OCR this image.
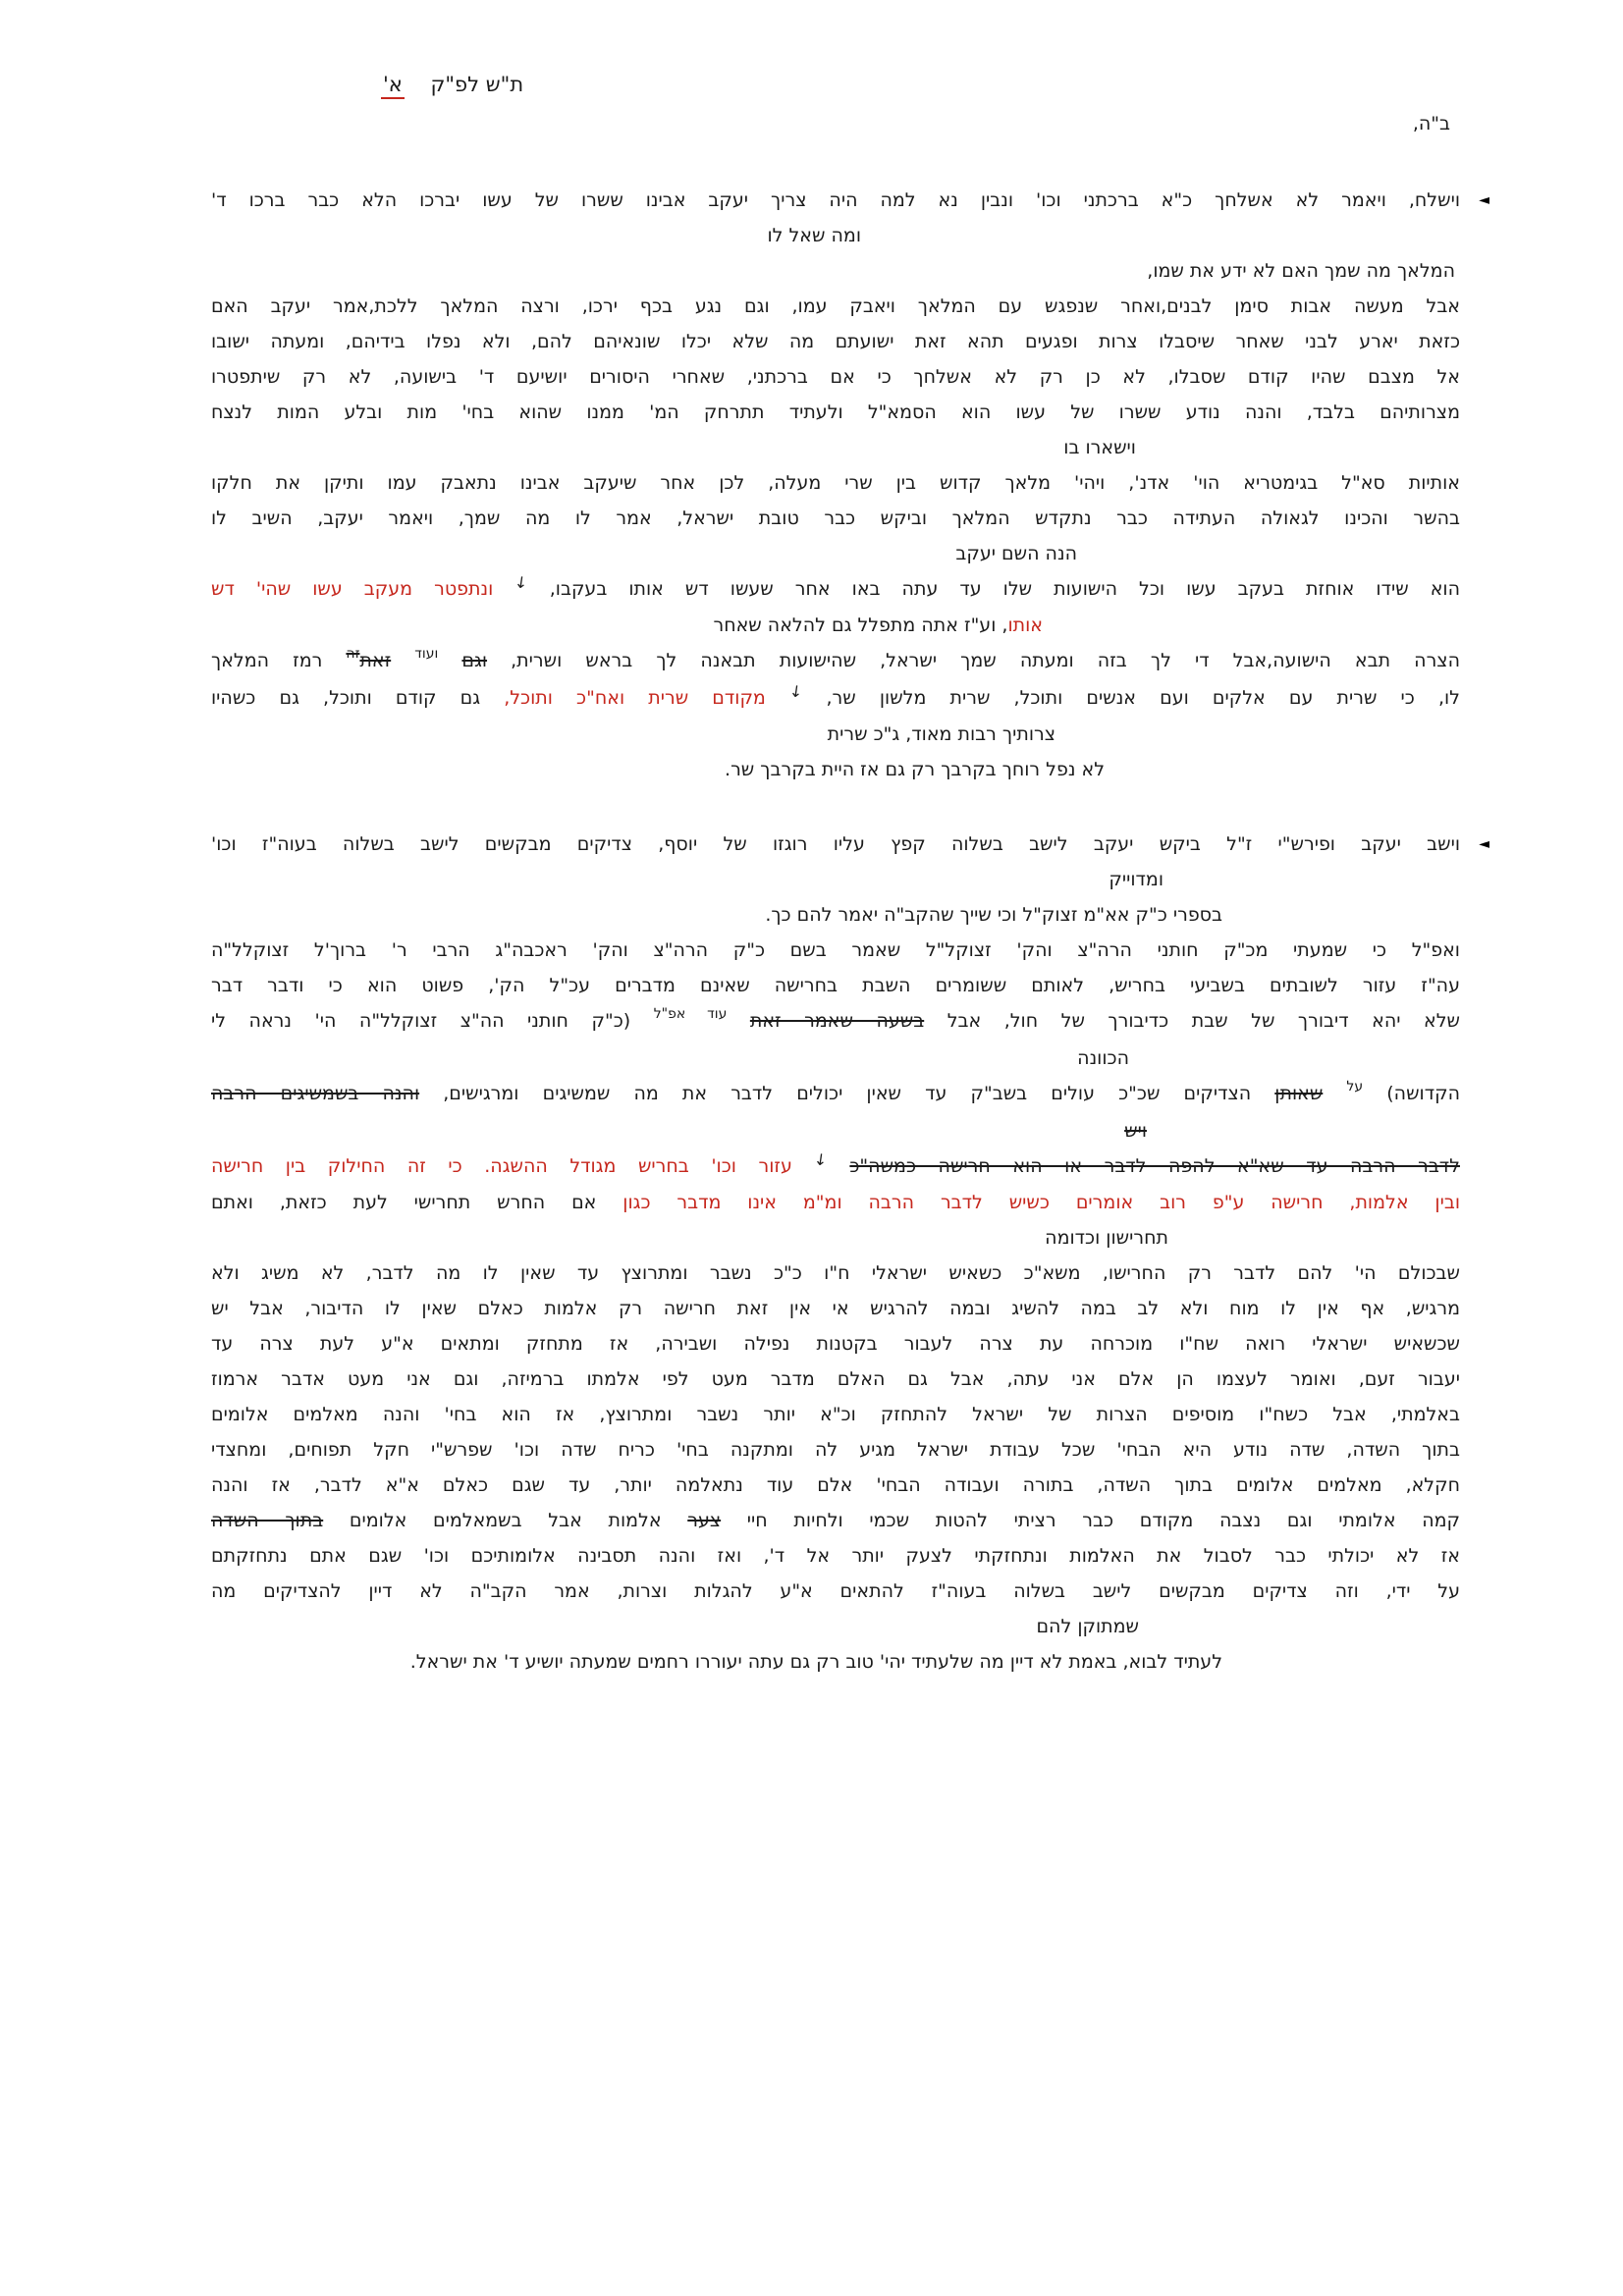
ת"ש לפ"ק א'
ב"ה,
◄
וישלח, ויאמר לא אשלחך כ"א ברכתני וכו' ונבין נא למה היה צריך יעקב אבינו ששרו של עשו יברכו הלא כבר ברכו ד'
ומה שאל לו
המלאך מה שמך האם לא ידע את שמו,
אבל מעשה אבות סימן לבנים,ואחר שנפגש עם המלאך ויאבק עמו, וגם נגע בכף ירכו, ורצה המלאך ללכת,אמר יעקב האם
כזאת יארע לבני שאחר שיסבלו צרות ופגעים תהא זאת ישועתם מה שלא יכלו שונאיהם להם, ולא נפלו בידיהם, ומעתה ישובו
אל מצבם שהיו קודם שסבלו, לא כן רק לא אשלחך כי אם ברכתני, שאחרי היסורים יושיעם ד' בישועה, לא רק שיתפטרו
מצרותיהם בלבד, והנה נודע ששרו של עשו הוא הסמא"ל ולעתיד תתרחק המ' ממנו שהוא בחי' מות ובלע המות לנצח
וישארו בו
אותיות סא"ל בגימטריא הוי' אדנ', ויהי' מלאך קדוש בין שרי מעלה, לכן אחר שיעקב אבינו נתאבק עמו ותיקן את חלקו
בהשר והכינו לגאולה העתידה כבר נתקדש המלאך וביקש כבר טובת ישראל, אמר לו מה שמך, ויאמר יעקב, השיב לו
הנה השם יעקב
הוא שידו אוחזת בעקב עשו וכל הישועות שלו עד עתה באו אחר שעשו דש אותו בעקבו, ↓ ונתפטר מעקב עשו שהי' דש
אותו, וע"ז אתה מתפלל גם להלאה שאחר
הצרה תבא הישועה,אבל די לך בזה ומעתה שמך ישראל, שהישועות תבאנה לך בראש ושרית, וגם $^{ועוד}$ זאת$^{זה}$ רמז המלאך
לו, כי שרית עם אלקים ועם אנשים ותוכל, שרית מלשון שר, ↓ מקודם שרית ואח"כ ותוכל, גם קודם ותוכל, גם כשהיו
צרותיך רבות מאוד, ג"כ שרית
לא נפל רוחך בקרבך רק גם אז היית בקרבך שר.
◄
וישב יעקב ופירש"י ז"ל ביקש יעקב לישב בשלוה קפץ עליו רוגזו של יוסף, צדיקים מבקשים לישב בשלוה בעוה"ז וכו'
ומדוייק
בספרי כ"ק אא"מ זצוק"ל וכי שייך שהקב"ה יאמר להם כך.
ואפ"ל כי שמעתי מכ"ק חותני הרה"צ והק' זצוקל"ל שאמר בשם כ"ק הרה"צ והק' ראכבה"ג הרבי ר' ברוך'ל זצוקלל"ה
עה"ז עזור לשובתים בשביעי בחריש, לאותם ששומרים השבת בחרישה שאינם מדברים עכ"ל הק', פשוט הוא כי ודבר דבר
שלא יהא דיבורך של שבת כדיבורך של חול, אבל בשעה שאמר זאת $^{עוד אפ"ל}$ (כ"ק חותני הה"צ זצוקלל"ה הי' נראה לי
הכוונה
הקדושה) $^{על}$ שאותן הצדיקים שכ"כ עולים בשב"ק עד שאין יכולים לדבר את מה שמשיגים ומרגישים, והנה בשמשיגים הרבה
ויש
לדבר הרבה עד שא"א להפה לדבר או הוא חרישה כמשה"כ ↓ עזור וכו' בחריש מגודל ההשגה. כי זה החילוק בין חרישה
ובין אלמות, חרישה ע"פ רוב אומרים כשיש לדבר הרבה ומ"מ אינו מדבר כגון אם החרש תחרישי לעת כזאת, ואתם
תחרישון וכדומה
שבכולם הי' להם לדבר רק החרישו, משא"כ כשאיש ישראלי ח"ו כ"כ נשבר ומתרוצץ עד שאין לו מה לדבר, לא משיג ולא
מרגיש, אף אין לו מוח ולא לב במה להשיג ובמה להרגיש אי אין זאת חרישה רק אלמות כאלם שאין לו הדיבור, אבל יש
שכשאיש ישראלי רואה שח"ו מוכרחה עת צרה לעבור בקטנות נפילה ושבירה, אז מתחזק ומתאים א"ע לעת צרה עד
יעבור זעם, ואומר לעצמו הן אלם אני עתה, אבל גם האלם מדבר מעט לפי אלמתו ברמיזה, וגם אני מעט אדבר ארמוז
באלמתי, אבל כשח"ו מוסיפים הצרות של ישראל להתחזק וכ"א יותר נשבר ומתרוצץ, אז הוא בחי' והנה מאלמים אלומים
בתוך השדה, שדה נודע היא הבחי' שכל עבודת ישראל מגיע לה ומתקנה בחי' כריח שדה וכו' שפרש"י חקל תפוחים, ומחצדי
חקלא, מאלמים אלומים בתוך השדה, בתורה ועבודה הבחי' אלם עוד נתאלמה יותר, עד שגם כאלם א"א לדבר, אז והנה
קמה אלומתי וגם נצבה מקודם כבר רציתי להטות שכמי ולחיות חיי צער אלמות אבל בשמאלמים אלומים בתוך השדה
אז לא יכולתי כבר לסבול את האלמות ונתחזקתי לצעק יותר אל ד', ואז והנה תסבינה אלומותיכם וכו' שגם אתם נתחזקתם
על ידי, וזה צדיקים מבקשים לישב בשלוה בעוה"ז להתאים א"ע להגלות וצרות, אמר הקב"ה לא דיין להצדיקים מה
שמתוקן להם
לעתיד לבוא, באמת לא דיין מה שלעתיד יהי' טוב רק גם עתה יעוררו רחמים שמעתה יושיע ד' את ישראל.
